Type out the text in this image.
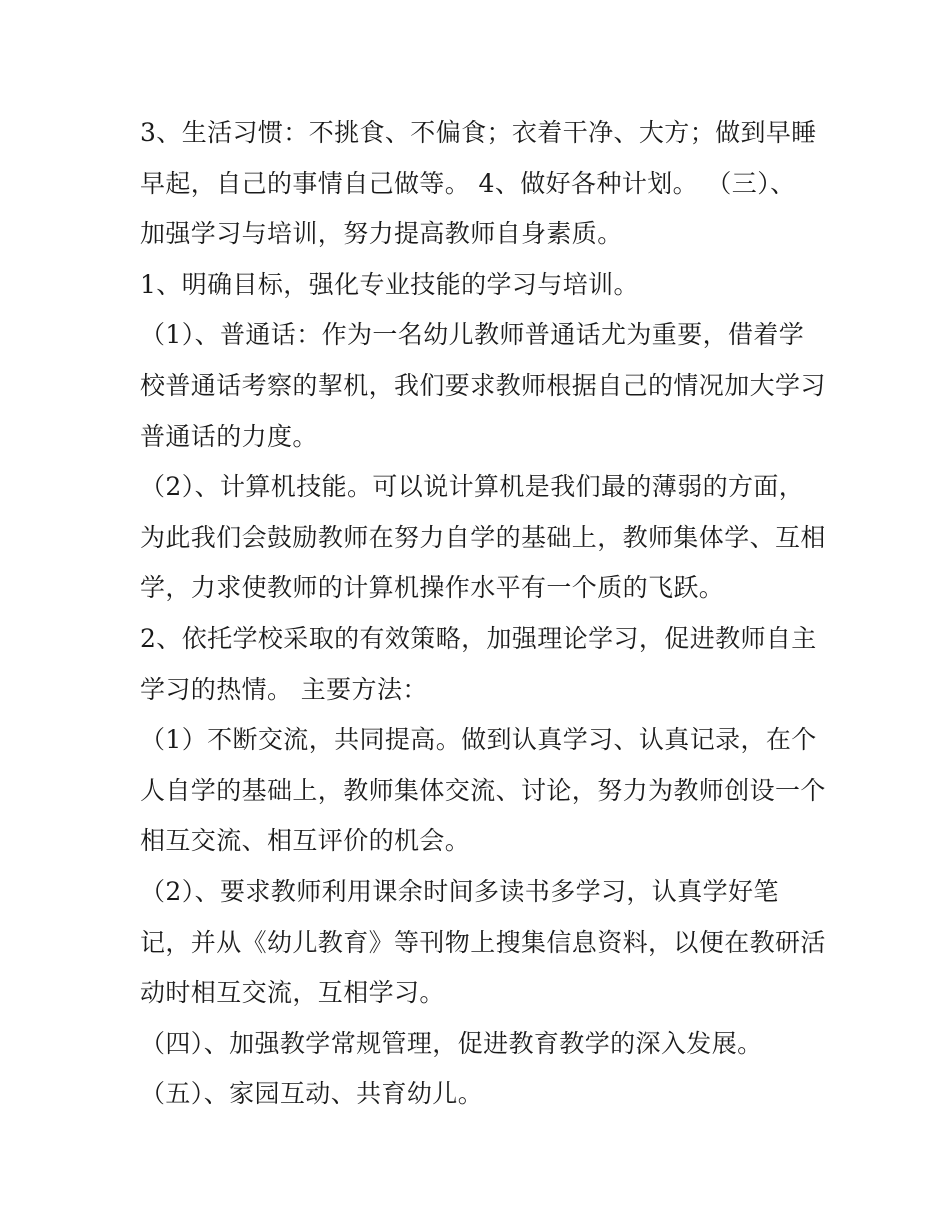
3、生活习惯：不挑食、不偏食；衣着干净、大方；做到早睡
早起，自己的事情自己做等。 4、做好各种计划。 （三）、
加强学习与培训，努力提高教师自身素质。
1、明确目标，强化专业技能的学习与培训。
（1）、普通话：作为一名幼儿教师普通话尤为重要，借着学
校普通话考察的挈机，我们要求教师根据自己的情况加大学习
普通话的力度。
（2）、计算机技能。可以说计算机是我们最的薄弱的方面，
为此我们会鼓励教师在努力自学的基础上，教师集体学、互相
学，力求使教师的计算机操作水平有一个质的飞跃。
2、依托学校采取的有效策略，加强理论学习，促进教师自主
学习的热情。 主要方法：
（1）不断交流，共同提高。做到认真学习、认真记录，在个
人自学的基础上，教师集体交流、讨论，努力为教师创设一个
相互交流、相互评价的机会。
（2）、要求教师利用课余时间多读书多学习，认真学好笔
记，并从《幼儿教育》等刊物上搜集信息资料，以便在教研活
动时相互交流，互相学习。
（四）、加强教学常规管理，促进教育教学的深入发展。
（五）、家园互动、共育幼儿。
